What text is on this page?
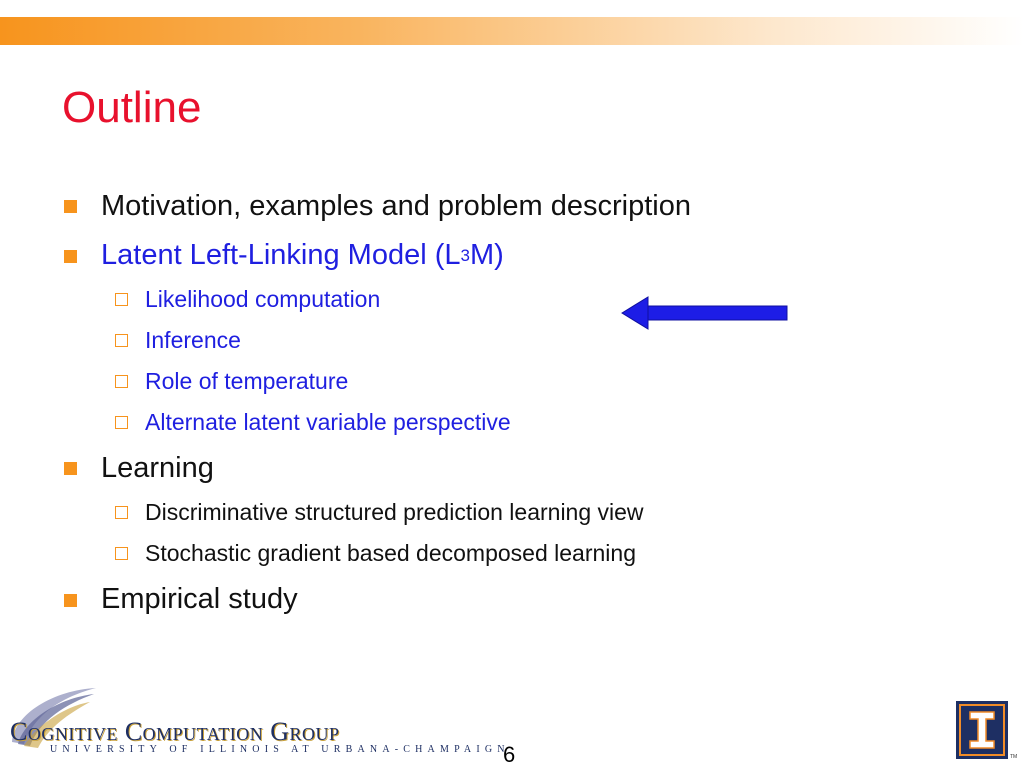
Outline
Motivation, examples and problem description
Latent Left-Linking Model $(L^3M)$
Likelihood computation
Inference
Role of temperature
Alternate latent variable perspective
Learning
Discriminative structured prediction learning view
Stochastic gradient based decomposed learning
Empirical study
Cognitive Computation Group
UNIVERSITY OF ILLINOIS AT URBANA-CHAMPAIGN
6	TM
